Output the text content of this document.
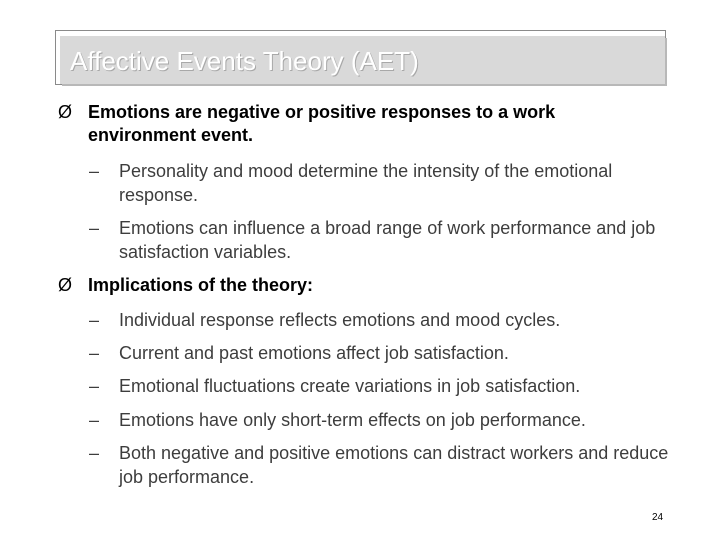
Affective Events Theory (AET)
Ø Emotions are negative or positive responses to a work environment event.
– Personality and mood determine the intensity of the emotional response.
– Emotions can influence a broad range of work performance and job satisfaction variables.
Ø Implications of the theory:
– Individual response reflects emotions and mood cycles.
– Current and past emotions affect job satisfaction.
– Emotional fluctuations create variations in job satisfaction.
– Emotions have only short-term effects on job performance.
– Both negative and positive emotions can distract workers and reduce job performance.
24
